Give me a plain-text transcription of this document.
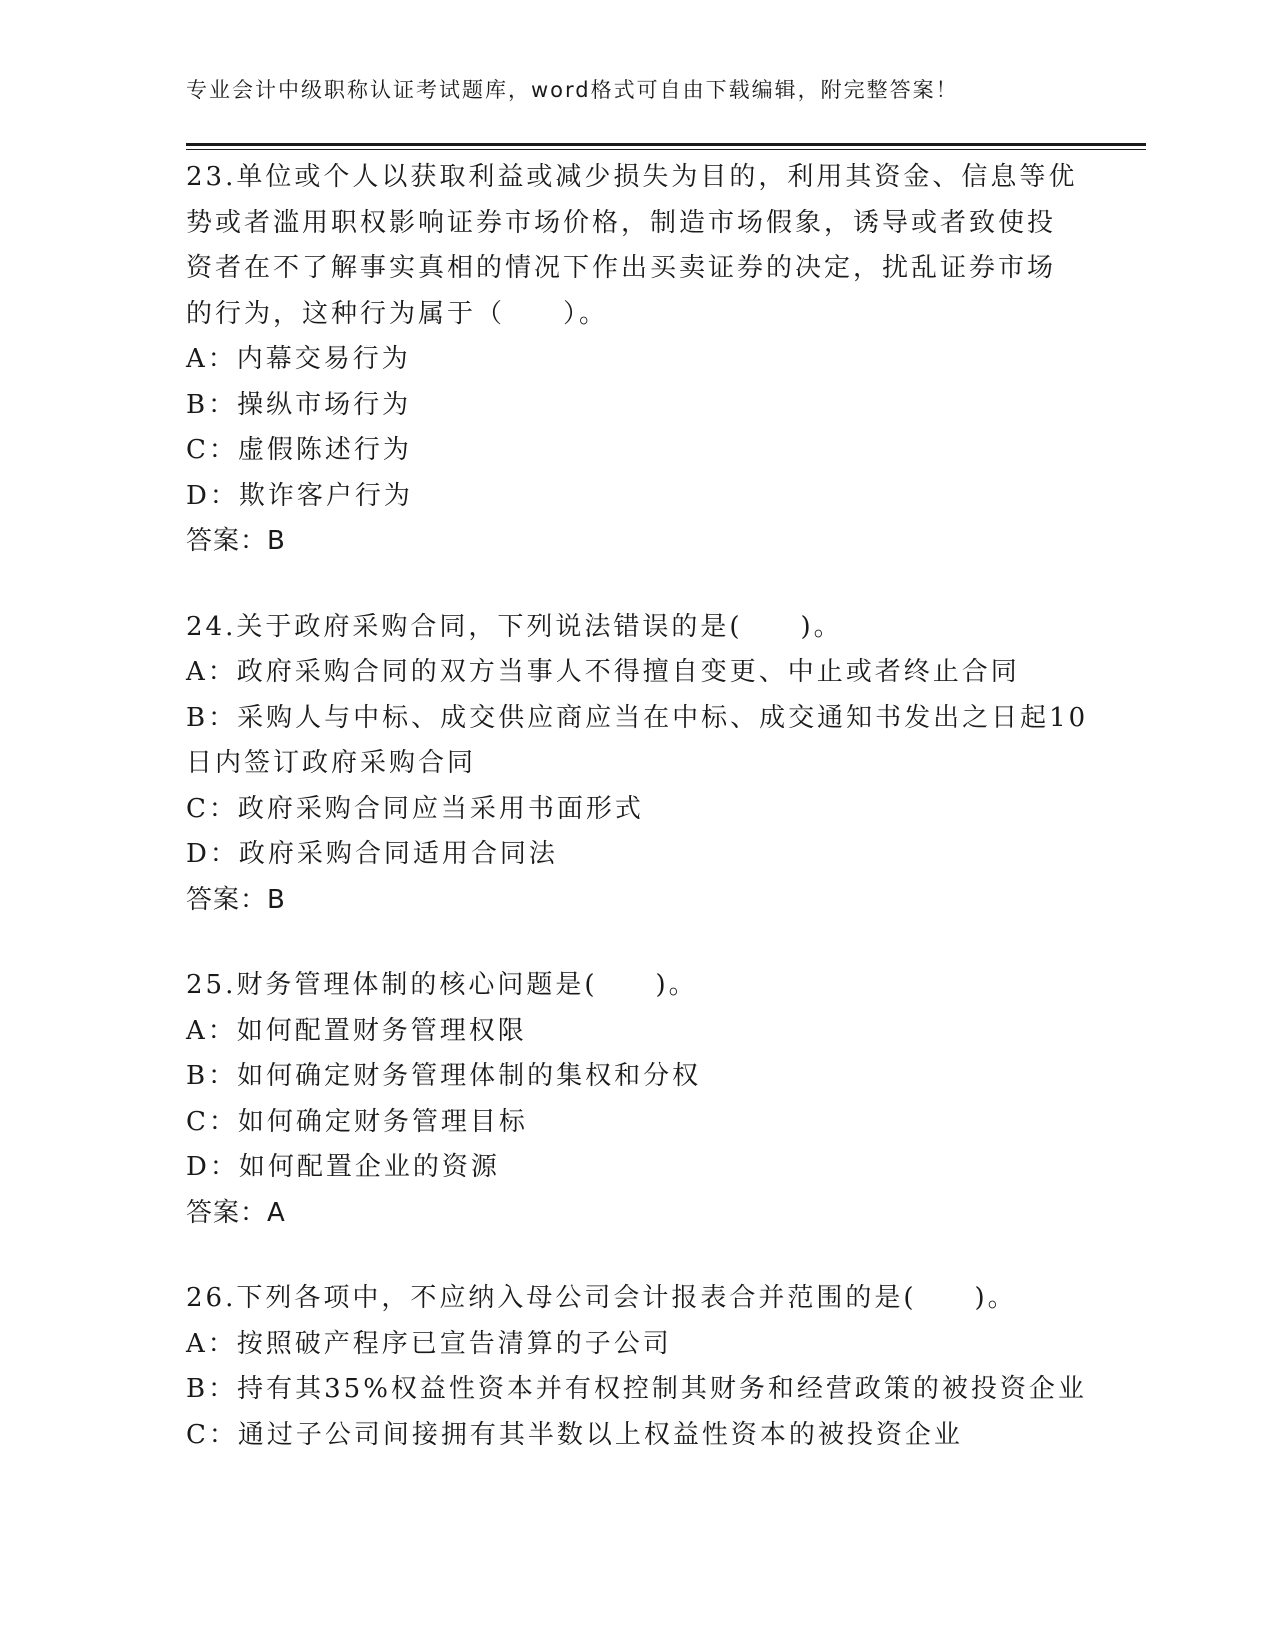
专业会计中级职称认证考试题库，word格式可自由下载编辑，附完整答案！
23.单位或个人以获取利益或减少损失为目的，利用其资金、信息等优
势或者滥用职权影响证券市场价格，制造市场假象，诱导或者致使投
资者在不了解事实真相的情况下作出买卖证券的决定，扰乱证券市场
的行为，这种行为属于（　　）。
A：内幕交易行为
B：操纵市场行为
C：虚假陈述行为
D：欺诈客户行为
答案：B
24.关于政府采购合同，下列说法错误的是(　　)。
A：政府采购合同的双方当事人不得擅自变更、中止或者终止合同
B：采购人与中标、成交供应商应当在中标、成交通知书发出之日起10
日内签订政府采购合同
C：政府采购合同应当采用书面形式
D：政府采购合同适用合同法
答案：B
25.财务管理体制的核心问题是(　　)。
A：如何配置财务管理权限
B：如何确定财务管理体制的集权和分权
C：如何确定财务管理目标
D：如何配置企业的资源
答案：A
26.下列各项中，不应纳入母公司会计报表合并范围的是(　　)。
A：按照破产程序已宣告清算的子公司
B：持有其35%权益性资本并有权控制其财务和经营政策的被投资企业
C：通过子公司间接拥有其半数以上权益性资本的被投资企业
